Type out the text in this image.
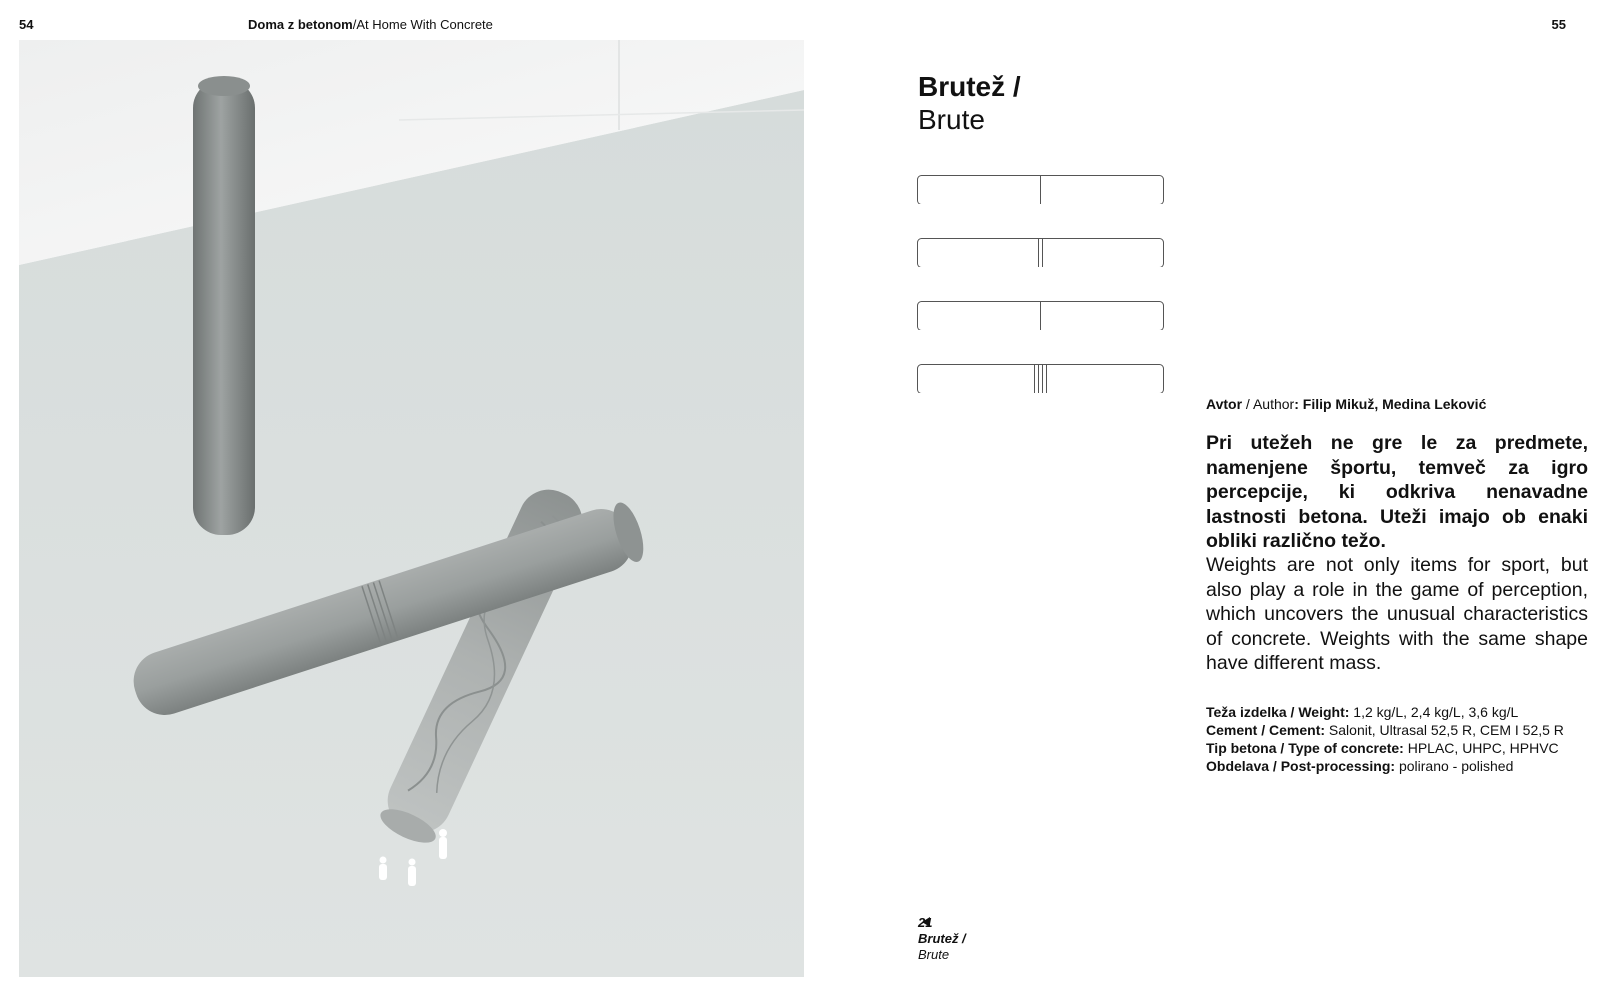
54	Doma z betonom/At Home With Concrete	55
Brutež /
Brute
Avtor / Author: Filip Mikuž, Medina Leković
Pri utežeh ne gre le za predmete, namenjene športu, temveč za igro percepcije, ki odkriva nenavadne lastnosti betona. Uteži imajo ob enaki obliki različno težo.
Weights are not only items for sport, but also play a role in the game of perception, which uncovers the unusual characteristics of concrete. Weights with the same shape have different mass.
Teža izdelka / Weight: 1,2 kg/L, 2,4 kg/L, 3,6 kg/L
Cement / Cement: Salonit, Ultrasal 52,5 R, CEM I 52,5 R
Tip betona / Type of concrete: HPLAC, UHPC, HPHVC
Obdelava / Post-processing: polirano - polished
21
Brutež /
Brute
